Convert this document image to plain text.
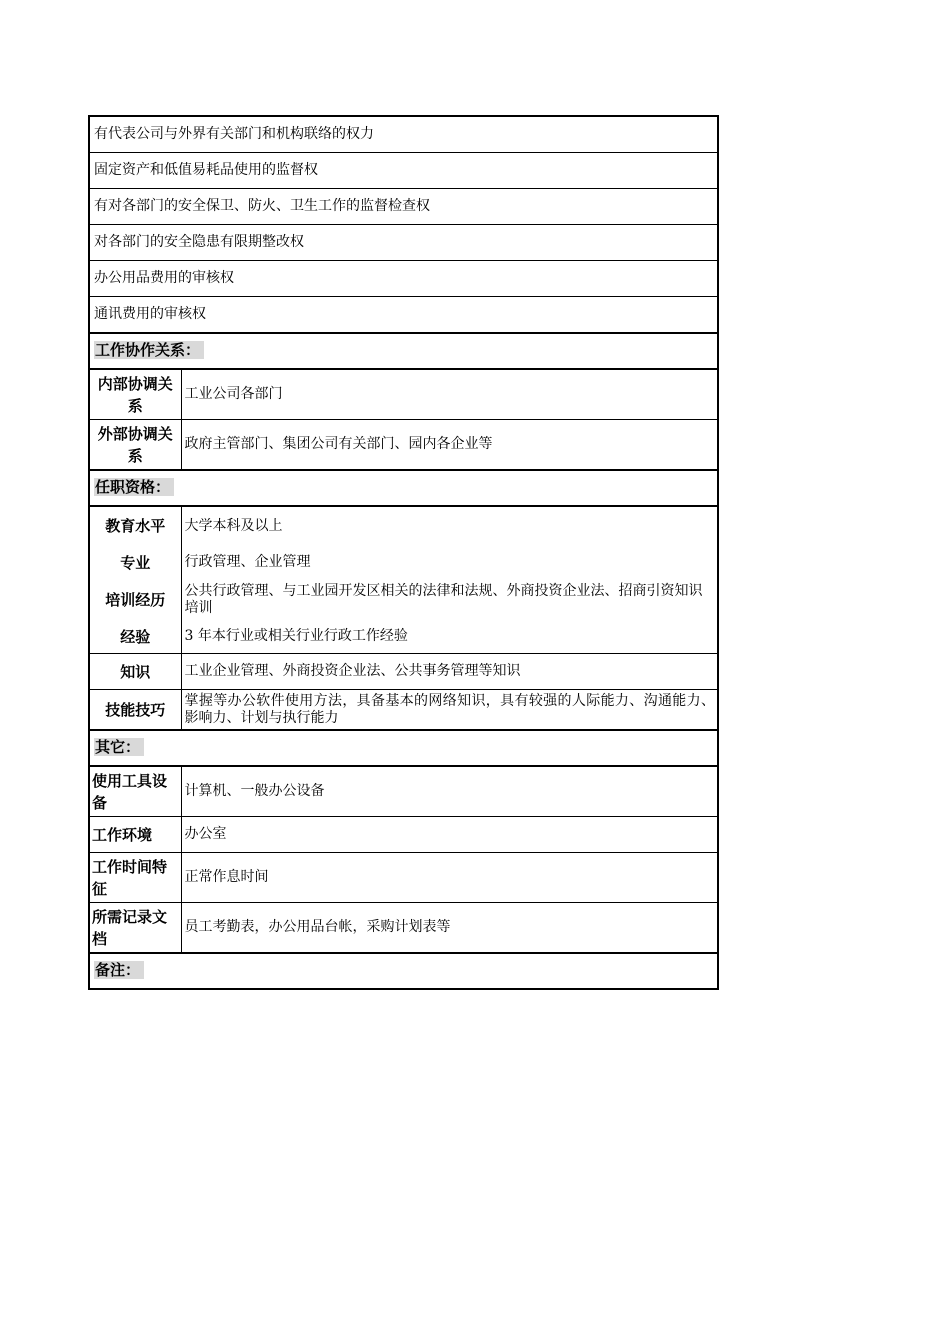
有代表公司与外界有关部门和机构联络的权力	
固定资产和低值易耗品使用的监督权	
有对各部门的安全保卫、防火、卫生工作的监督检查权	
对各部门的安全隐患有限期整改权	
办公用品费用的审核权	
通讯费用的审核权	
工作协作关系：	
内部协调关系	工业公司各部门
外部协调关系	政府主管部门、集团公司有关部门、园内各企业等
任职资格：	
教育水平	大学本科及以上
专业	行政管理、企业管理
培训经历	公共行政管理、与工业园开发区相关的法律和法规、外商投资企业法、招商引资知识培训
经验	3 年本行业或相关行业行政工作经验
知识	工业企业管理、外商投资企业法、公共事务管理等知识
技能技巧	掌握等办公软件使用方法，具备基本的网络知识，具有较强的人际能力、沟通能力、影响力、计划与执行能力
其它：	
使用工具设备	计算机、一般办公设备
工作环境	办公室
工作时间特征	正常作息时间
所需记录文档	员工考勤表，办公用品台帐，采购计划表等
备注：	
